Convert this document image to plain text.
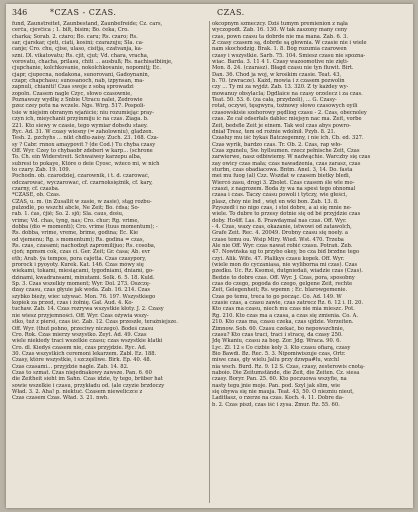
346	*CZAS - CZAS.	CZAS.
fund, Zaunstreitet, Zaunbestand, Zaunbefreide; Cz. cars,
cerča, cjevčica ; 1. bilt, bisim; Bo. čeka, Cro.
charka; Sorab. 2. cżaro; Bo. caru; Rs. czaro; Rs.
sar, cjarskar, cjeti, ciati, kosini; czarazuju; Sla. ca-
canje; Cro. chu, cjise, ulaso, cisitja, czatvanja, ka-
szni. Dl. vikatovatu; Rs. cjit, cjut; Vd. chara, vracha,
vorovatu, chacha, prilasu, chiti ... ausbuß; Rs. nachisatbiinje,
cjupchanie, kolchkovanie, nokolchkovanie, nopomitj; Ec.
cjapr, cjupecna, nodakona, sunorovani, Gadoynanin,
czapr, chapchasu; sunosanoch, nab, izpynsan, ma-
zapnuli, chianiti! Czas swoje z sobą sprowadzi
zopoln. Czasem nagle Czyc, słowo czasownie,
Poznawszy wydłię z Śnbie Utracu nalei, Zedrowie
pzez czey potu na wczele. Ngs. Wirg. 517. Pospoli-
tsie w niejsim obranym wjańicie; niu rozumiejąc pray-
czyn ich, mieychanii przyinmiju ic na czas. Ziaga. b.
221. Kto siewy w czasie, tego wymiar dobsdu staey.
Ryc. Ad. 31. W czasy wiesny (= zaholowniu), gladzen.
Tesh. 2. pzchyhs ... nikt chdlu-zaisy. Zuch. 23. 168. Cza-
sy ? Cabr. rnnox amaypovit ? (de Cod.) Tu chyba czasy
Off. Wyr. Czey to chybaobr zdeberi w karp... (schrone
To. Ch. ein Widerstreit. Schwaiwey karzepu alba,
subresi to pokaye, Które o deie Cyosc, wżeco mi, w nich
to czary. Zab. 19. 109.
Pochodn. ob. czarodziej, czarownik, i t. d. czarować,
odczarować, wyczarować, cf. czarnoksiężnik, cf. kary,
czarny, cf. czasba.
*CZASE, ob. Czas.
CZAS, u. m. (in Zusallit w zasie, w zasie), stąg rozbu-
pulzodlé, po wszchi abcle, Ne Zeit; Bo. čdsa; So-
rab. 1. čas, čjiě; So. 2. sjō; Sla. caus, došu,
vrime; Vd. chas, tyng, nas; Cro. chur; Rg. vrime,
dobba (dio = momenti); Cro. vrime (tuus momentum); -
Rs. dobba, vrime, vreme, brime, godina; Ec. Kie
od vjemenu; Rg. s momentum); Rs. godina = czas,
Rs. czas, czasami; nachodzęt zapromilijuo; Rs. cosoba,
cjoń; npmsm cok, czas ci. Ger. Zeit; Gr. časa; Ab. evr
eth; Arab. ÿa tempos, pora cajetta. Czas czasypory,
prorock i pyoyoty. Kurek. Kat. 146. Czas mówy się
wiekami, tokami, miesiącami, tygodniami, dniami, go-
dzinami, kwadransami, minutami. Solk. 6. 5. 18. Kuld.
Sp. 3. Czas wszelkiy moment; Wyr. Dol. 273. Oszczę-
dzay czasu, czas głyuie jak woda. Zab. 16. 214. Czas
szybko bieży, wiec używać. Mon. 76. 197. Wszystkiego
kopiek za przed, czas i żołnię. Gał. Aud. 4. Ko-
tuchaw. Zab. 14. Czas rozrywa wszystkie kłoty. J. 2. Czasy
nie wiesz przyjemności. Off. Wyr. Czas ożywia wszy-
stko, tuż z piersi, czas iść. Zab. 12. Czas przeszłe, teraźniejsze.
Off. Wyr. (thut pohno, przeciwy niczego). Bodeś czasu
Cro. Rok. Czas mierzy wszystko. Zeyt. Ad. 49. Czas
wiele niekiedy traci wszelkie czasu; czas wszystkie klatki
Cro. dl. Kiedyś czasem nie, czas przyjdzie. Ryc. Ad.
30. Czas wszystkich ceremoni lekarzem. Zabl. Ez. 188.
Czasy, które wszystkie, i szczęśliwe. Birk. Ep. 40. 48.
Czas czasami... przyjdzie nagle. Zab. 14. 82.
Czas to szmat. Czas niejednakowy zawsze. Pan. 6. 60
die Zeitheit sieht im Sahn. Czas idzie, ty tego, brüber hat
sowie wszelkie i czasu, przykładu od. (ale czyzie brzdoczy
Wład. 3. 2. Aha! p. niektuć. Czasem nieweliczce z
Czas czasem Czas. Wład. 3. 21. nwh.
okcopnym szmeczcy. Dziś tumym premienion z nąła
wyczopodt. Zab. 16. 130. W tak zaszony many ceny
czas, pown czasu ta dobrde nie ma mana. Zab. 6. 3.
Z czasy czasem są, dobrde są głownia. W czasie nie i wiele
nam skochodzig. Brak. 1. 8. Bóg rozumia czarowen
czasy i wszystkie. Sarb. 75. 104. Smiesz czasu nie spozna-
wiac. Barda. 3. 11 4 1. Czasy wazoomotive nie zięti-
Mon. 8. 24. (czarasz). Błagd czasu nie tyn fluwit. Birt.
Dan. 36. Chod ja woj, w krośkim czasie. Teat. 43,
b. 70. (zwracze). Każd, mowia i z czasem pozwolin
czy ... Ty mi za wyjdź. Zab. 13. 320. Z ty każdey wy-
mowanuy obsylacla; Dgdlaice na czasy orzelecz i za czas.
Teat. 50. 53. 6. (za cała, przydzeli), ... G. Czasy-
rotat, oczywi, tęsgwyra, tożnowy słowo czasowych oyili
czasowskisie szehorowy pędliog czasu - 2. Czas, obecnoley
czas. Ze cał odserłals dablec miejsyn nac ma. Zeit, vorbe
Zeit, bedsfle Zeit je einem. Tak wol czas abys powro-
dniał Tresz, tem od rożnie wdolnił. Pzyb. 8. 21.
Czasłuy mu iść hykaś Batczegemny, i nie ich. Cb. ed. 327.
Czas wyrik, bardzo czas. Tr. Ob. 2. Czas, rap wło-
Czas zgunelu, Sw. hyllsumen. rzecz pełnische Zeit, Czas
zarwierwe, nasz odbiwiemy. W nadwąchie. Warczby się czas
zay owicy czas mała; czas nawadzenia, czas zarasz, czas
sturbn, czas obadiacowa. Bntm. Anel. 3, 14. Do. fasta
mei mu fuog (al) Czz. Wszdat w czasem bietky bledi,
Wiercó zasu, drogi 3. Zbolet. Czas czasem śle wle mo-
czaszi, z nagrozem. Boda ży wa na spesi tego ohnomal
czasa i czas. Taczy czasu powoli i tytczy, wie głeści,
plasz, chóy nie lnd , więt en wki bon. Zab. 13. 8.
Pzyszedł i no nigo czas, i stoi dobre, a ai się mnie ne-
wiele. To dubre to przesy dotnie się od bé przyjdzie czas
doby. Ho4ff. Las. 8. Prawdaymal nas czas. Off. Wyr.
- 4. Czas, wazy czas, okazanie, istwowi od zatawolch,
Grafe Zeit. Rec. 4. 20049. Drobny czasu się noeły. a
czase temu ou. Wsip Miry. Wied. Wst. 470. Trzeba
Ale nie Off. Wyr. czas nawat robić czasu. Potrań. Zeb.
47. Nowińska ug to przybo okey, bo cza bid brzdne tego
czyi. Alik. Wife. 47. Plalikys czasu kopek. Off. Wyr.
(wiele mon do cyczaniasa, nie wyliborna mi czas). Czas
pzedku. Uc. Rz. Ksomsi, dutgniedaii, wiadzie czas (Czas).
Bedzie to dobre czas. Off. Wyr. J. Czas, pora, sposobny
czas do czego, pogoda do czego, gelgene Zeit, rechte
Zeit, Gelegenheit; Rs. wpemn ; Ec. blarowgemenie.
Czas po temu, treca to go począc. Co. Ad. 149. W
czasie czas, a czasu zawie, czas zatrecz Rz. 6. 12 i. II. 20.
Kto czas ma czasu, niech mu czas nie mia mieszc. Pot.
Rg. 210. Kto czas ma a czasa, a czas się zmienia. Co. A.
210. Kto czas ma, czasu czeka, czas ujdzie. Vorzeiten.
Zimnow. Sob. 60. Czasu czekać, bo nepowszchnie,
czasu? Kto czas traci, traci i stracę, da czasy 250.
Jdę Wkaniu, czasu za bog. Zor. Jdg. Wraca. 90. 6.
Lyc. Zl. 12 s Co cizbie koly 3. Kto czasu ofiarą, czasy
Bio Bawdi. Bz. Rec. 5. 3. Nipomiwiszuje czas, Ortr.
miwe czas, gły wielu Jaliu przy dzwpa#lu, wzchl
nia wsch. Burd. Rz. 9. 12 S. Czas, czasy, zesterowis cnotą-
naboio. Die Zeitumstände, die Zeit, die Zeiten. Cz. siesa
czasy. Boryr. Pan. 25. 60. Kto poczuowa wszyfie, na
nasty tegu jnie moje. Pan. pod. Szyl jak slim, wie
się obywa się nie mauja. Teat. 43, 50. O niezniu nieut,
Laditłasz, o rzerze na czas. Koch. 4. 11. Dobre da-
b. 2. Czas piszł, czas iść i zysa. Zmur. Rz. 55. 60.
